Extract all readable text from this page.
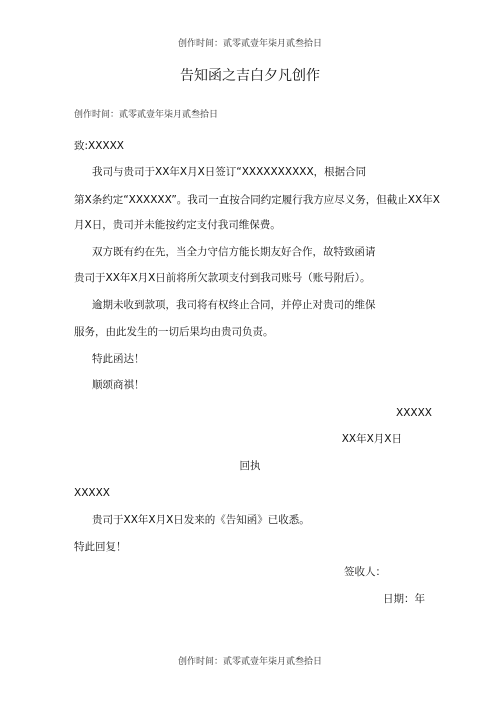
创作时间：贰零贰壹年柒月贰叁拾日
告知函之吉白夕凡创作
创作时间：贰零贰壹年柒月贰叁拾日
致:XXXXX
我司与贵司于XX年X月X日签订“XXXXXXXXXX，根据合同
第X条约定“XXXXXX”。我司一直按合同约定履行我方应尽义务，但截止XX年X
月X日，贵司并未能按约定支付我司维保费。
双方既有约在先，当全力守信方能长期友好合作，故特致函请
贵司于XX年X月X日前将所欠款项支付到我司账号（账号附后）。
逾期未收到款项，我司将有权终止合同，并停止对贵司的维保
服务，由此发生的一切后果均由贵司负责。
特此函达！
顺颂商祺！
XXXXX
XX年X月X日
回执
XXXXX
贵司于XX年X月X日发来的《告知函》已收悉。
特此回复！
签收人：
日期：年
创作时间：贰零贰壹年柒月贰叁拾日
